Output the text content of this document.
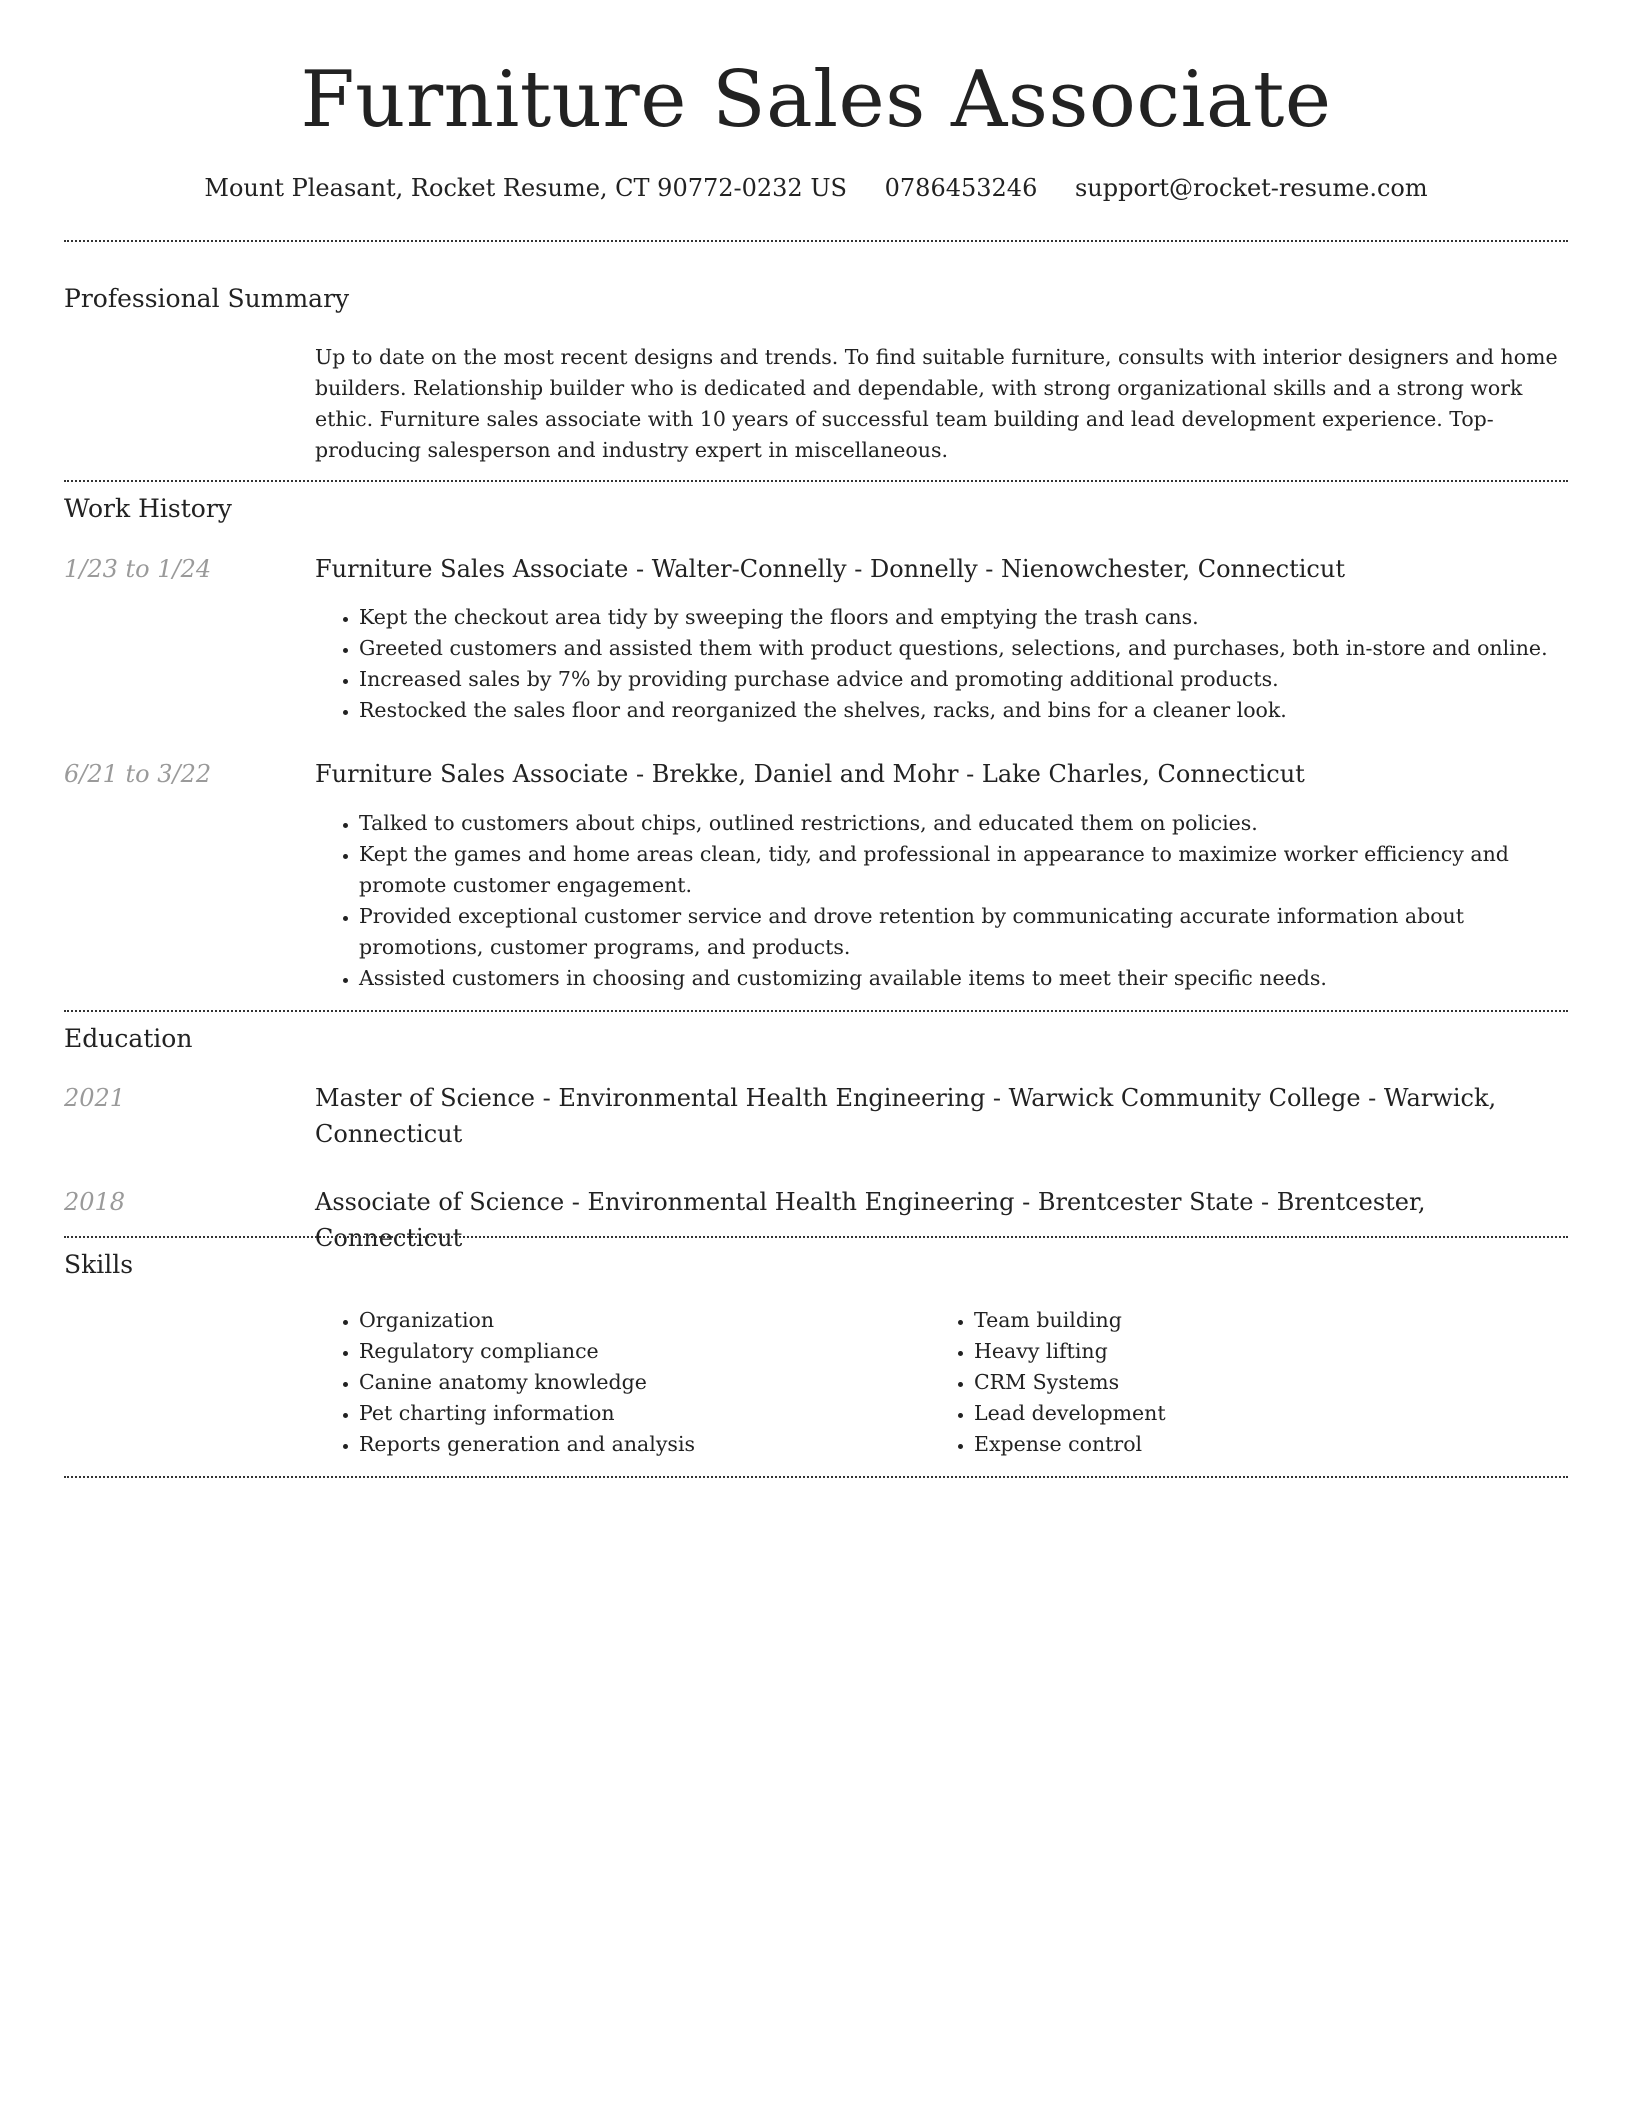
Furniture Sales Associate
Mount Pleasant, Rocket Resume, CT 90772-0232 US 0786453246 support@rocket-resume.com
Professional Summary

Up to date on the most recent designs and trends. To find suitable furniture, consults with interior designers and home builders. Relationship builder who is dedicated and dependable, with strong organizational skills and a strong work ethic. Furniture sales associate with 10 years of successful team building and lead development experience. Top-producing salesperson and industry expert in miscellaneous.

Work History
1/23 to 1/24	Furniture Sales Associate - Walter-Connelly - Donnelly - Nienowchester, Connecticut

• Kept the checkout area tidy by sweeping the floors and emptying the trash cans.
• Greeted customers and assisted them with product questions, selections, and purchases, both in-store and online.
• Increased sales by 7% by providing purchase advice and promoting additional products.
• Restocked the sales floor and reorganized the shelves, racks, and bins for a cleaner look.
6/21 to 3/22	Furniture Sales Associate - Brekke, Daniel and Mohr - Lake Charles, Connecticut

• Talked to customers about chips, outlined restrictions, and educated them on policies.
• Kept the games and home areas clean, tidy, and professional in appearance to maximize worker efficiency and promote customer engagement.
• Provided exceptional customer service and drove retention by communicating accurate information about promotions, customer programs, and products.
• Assisted customers in choosing and customizing available items to meet their specific needs.
Education
2021	Master of Science - Environmental Health Engineering - Warwick Community College - Warwick, Connecticut

2018	Associate of Science - Environmental Health Engineering - Brentcester State - Brentcester, Connecticut

Skills
• Organization
• Regulatory compliance
• Canine anatomy knowledge
• Pet charting information
• Reports generation and analysis
• Team building
• Heavy lifting
• CRM Systems
• Lead development
• Expense control
